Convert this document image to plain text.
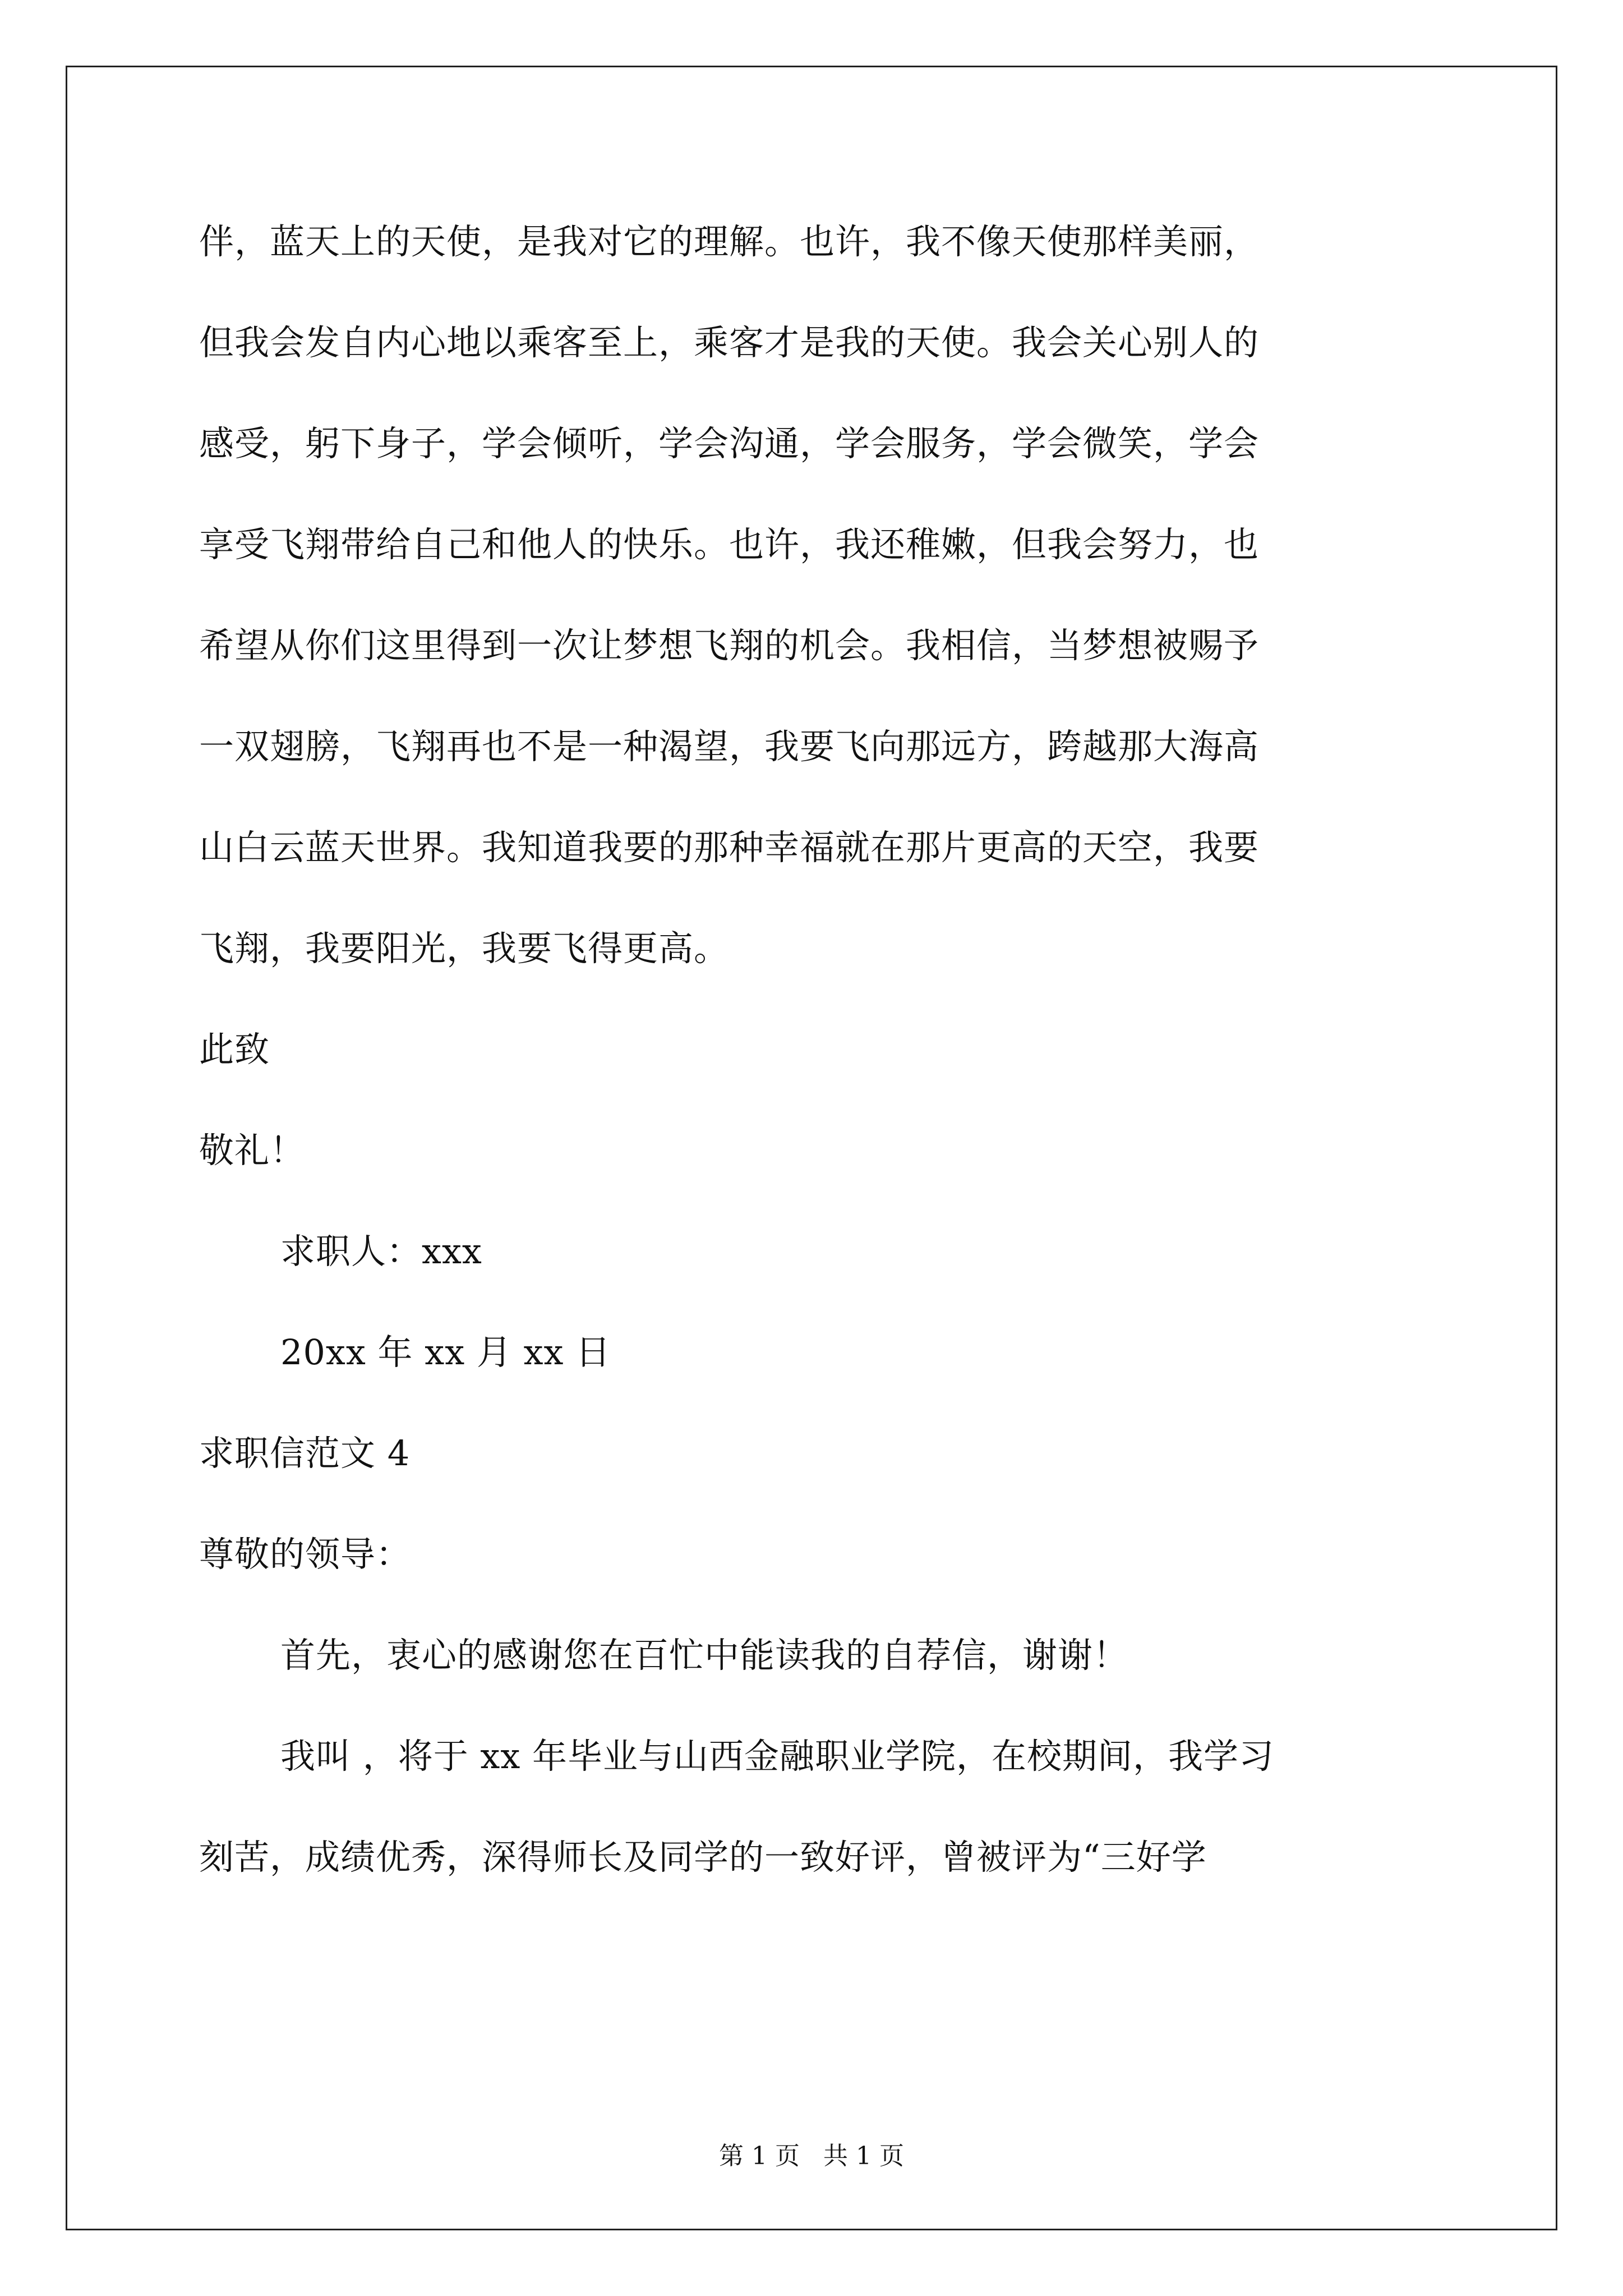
伴，蓝天上的天使，是我对它的理解。也许，我不像天使那样美丽，
但我会发自内心地以乘客至上，乘客才是我的天使。我会关心别人的
感受，躬下身子，学会倾听，学会沟通，学会服务，学会微笑，学会
享受飞翔带给自己和他人的快乐。也许，我还稚嫩，但我会努力，也
希望从你们这里得到一次让梦想飞翔的机会。我相信，当梦想被赐予
一双翅膀，飞翔再也不是一种渴望，我要飞向那远方，跨越那大海高
山白云蓝天世界。我知道我要的那种幸福就在那片更高的天空，我要
飞翔，我要阳光，我要飞得更高。
此致
敬礼！
求职人：xxx
20xx 年 xx 月 xx 日
求职信范文 4
尊敬的领导：
首先，衷心的感谢您在百忙中能读我的自荐信，谢谢！
我叫 ，将于 xx 年毕业与山西金融职业学院，在校期间，我学习
刻苦，成绩优秀，深得师长及同学的一致好评，曾被评为“三好学
第 1 页   共 1 页
